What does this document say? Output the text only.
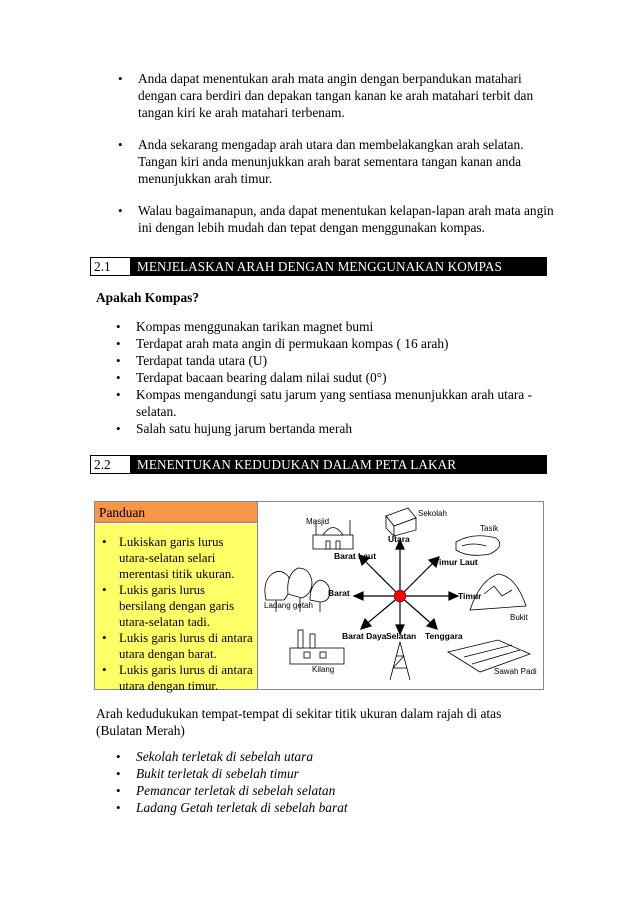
• Anda dapat menentukan arah mata angin dengan berpandukan matahari dengan cara berdiri dan depakan tangan kanan ke arah matahari terbit dan tangan kiri ke arah matahari terbenam.
• Anda sekarang mengadap arah utara dan membelakangkan arah selatan. Tangan kiri anda menunjukkan arah barat sementara tangan kanan anda menunjukkan arah timur.
• Walau bagaimanapun, anda dapat menentukan kelapan-lapan arah mata angin ini dengan lebih mudah dan tepat dengan menggunakan kompas.
2.1	MENJELASKAN ARAH DENGAN MENGGUNAKAN KOMPAS
Apakah Kompas?
• Kompas menggunakan tarikan magnet bumi
• Terdapat arah mata angin di permukaan kompas ( 16 arah)
• Terdapat tanda utara (U)
• Terdapat bacaan bearing dalam nilai sudut (0°)
• Kompas mengandungi satu jarum yang sentiasa menunjukkan arah utara - selatan.
• Salah satu hujung jarum bertanda merah
2.2	MENENTUKAN KEDUDUKAN DALAM PETA LAKAR
Panduan
• Lukiskan garis lurus utara-selatan selari merentasi titik ukuran.
• Lukis garis lurus bersilang dengan garis utara-selatan tadi.
• Lukis garis lurus di antara utara dengan barat.
• Lukis garis lurus di antara utara dengan timur.
Utara
Barat Laut
Timur Laut
Barat	Timur
Barat Daya Selatan Tenggara
Masjid
Sekolah
Tasik
Ladang getah
Bukit
Kilang	Sawah Padi
Arah kedudukukan tempat-tempat di sekitar titik ukuran dalam rajah di atas (Bulatan Merah)
• Sekolah terletak di sebelah utara
• Bukit terletak di sebelah timur
• Pemancar terletak di sebelah selatan
• Ladang Getah terletak di sebelah barat
